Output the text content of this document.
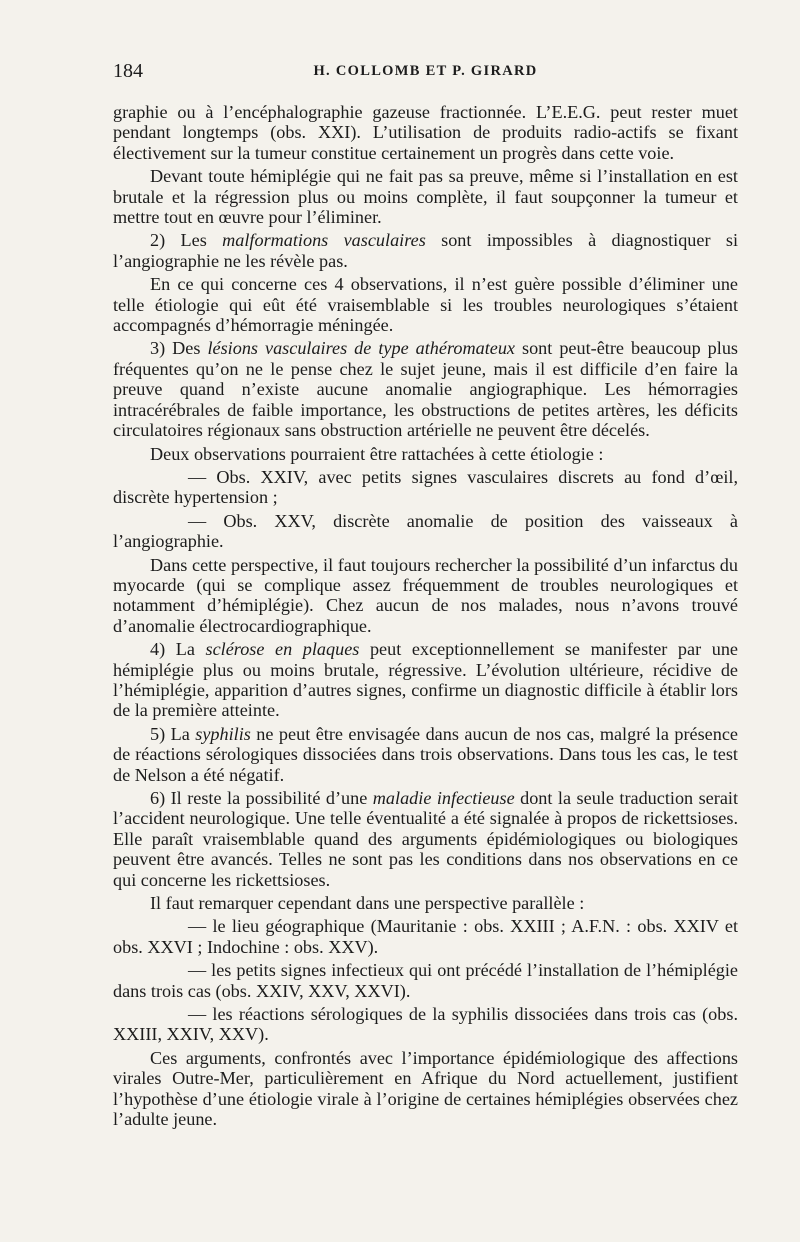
184	H. COLLOMB ET P. GIRARD

graphie ou à l’encéphalographie gazeuse fractionnée. L’E.E.G. peut rester muet pendant longtemps (obs. XXI). L’utilisation de produits radio-actifs se fixant électivement sur la tumeur constitue certainement un progrès dans cette voie.

Devant toute hémiplégie qui ne fait pas sa preuve, même si l’installation en est brutale et la régression plus ou moins complète, il faut soupçonner la tumeur et mettre tout en œuvre pour l’éliminer.

2) Les malformations vasculaires sont impossibles à diagnostiquer si l’angiographie ne les révèle pas.

En ce qui concerne ces 4 observations, il n’est guère possible d’éliminer une telle étiologie qui eût été vraisemblable si les troubles neurologiques s’étaient accompagnés d’hémorragie méningée.

3) Des lésions vasculaires de type athéromateux sont peut-être beaucoup plus fréquentes qu’on ne le pense chez le sujet jeune, mais il est difficile d’en faire la preuve quand n’existe aucune anomalie angiographique. Les hémorragies intracérébrales de faible importance, les obstructions de petites artères, les déficits circulatoires régionaux sans obstruction artérielle ne peuvent être décelés.

Deux observations pourraient être rattachées à cette étiologie :

— Obs. XXIV, avec petits signes vasculaires discrets au fond d’œil, discrète hypertension ;

— Obs. XXV, discrète anomalie de position des vaisseaux à l’angiographie.

Dans cette perspective, il faut toujours rechercher la possibilité d’un infarctus du myocarde (qui se complique assez fréquemment de troubles neurologiques et notamment d’hémiplégie). Chez aucun de nos malades, nous n’avons trouvé d’anomalie électrocardiographique.

4) La sclérose en plaques peut exceptionnellement se manifester par une hémiplégie plus ou moins brutale, régressive. L’évolution ultérieure, récidive de l’hémiplégie, apparition d’autres signes, confirme un diagnostic difficile à établir lors de la première atteinte.

5) La syphilis ne peut être envisagée dans aucun de nos cas, malgré la présence de réactions sérologiques dissociées dans trois observations. Dans tous les cas, le test de Nelson a été négatif.

6) Il reste la possibilité d’une maladie infectieuse dont la seule traduction serait l’accident neurologique. Une telle éventualité a été signalée à propos de rickettsioses. Elle paraît vraisemblable quand des arguments épidémiologiques ou biologiques peuvent être avancés. Telles ne sont pas les conditions dans nos observations en ce qui concerne les rickettsioses.

Il faut remarquer cependant dans une perspective parallèle :

— le lieu géographique (Mauritanie : obs. XXIII ; A.F.N. : obs. XXIV et obs. XXVI ; Indochine : obs. XXV).

— les petits signes infectieux qui ont précédé l’installation de l’hémiplégie dans trois cas (obs. XXIV, XXV, XXVI).

— les réactions sérologiques de la syphilis dissociées dans trois cas (obs. XXIII, XXIV, XXV).

Ces arguments, confrontés avec l’importance épidémiologique des affections virales Outre-Mer, particulièrement en Afrique du Nord actuellement, justifient l’hypothèse d’une étiologie virale à l’origine de certaines hémiplégies observées chez l’adulte jeune.
